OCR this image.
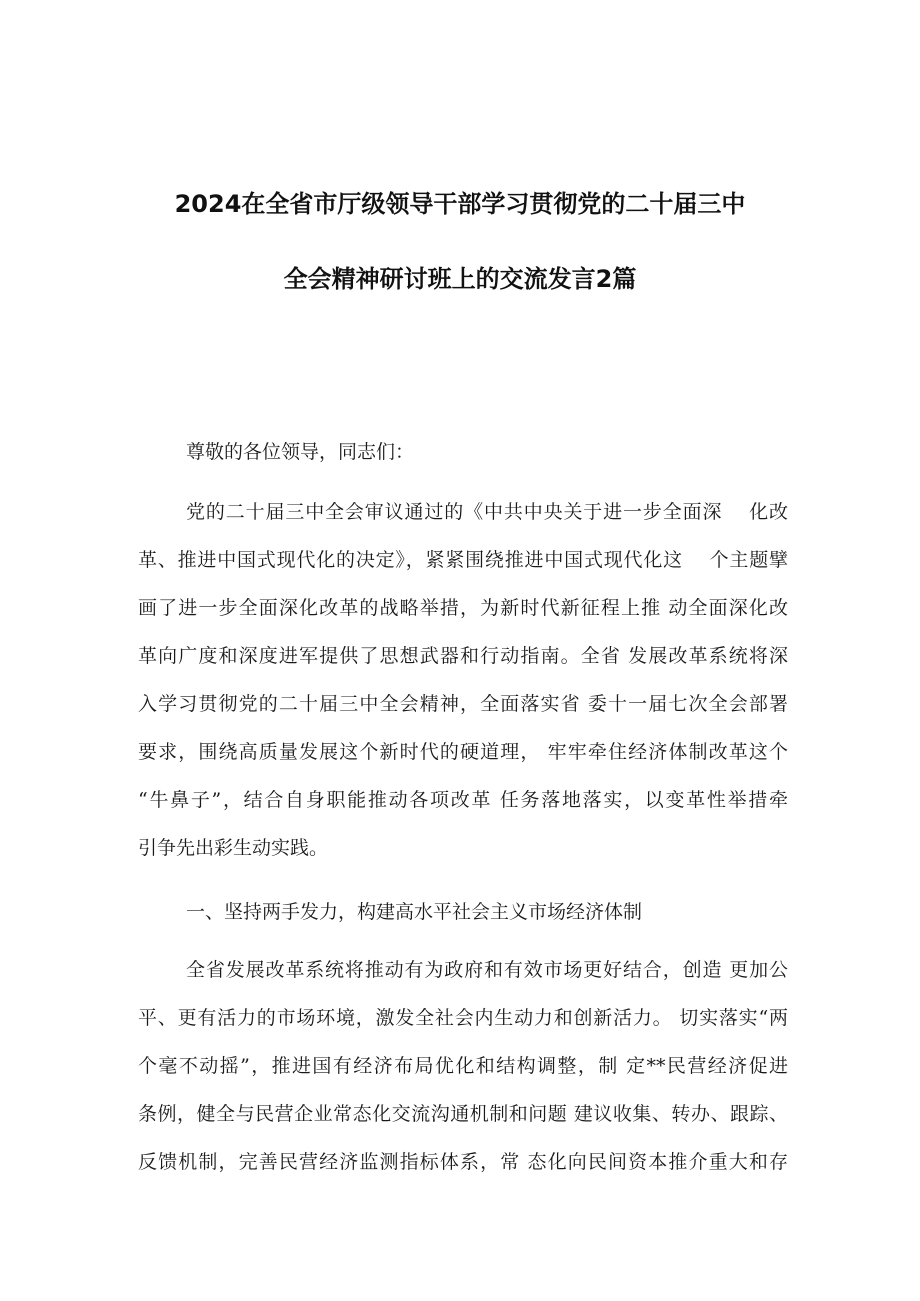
2024在全省市厅级领导干部学习贯彻党的二十届三中
全会精神研讨班上的交流发言2篇
尊敬的各位领导，同志们：
党的二十届三中全会审议通过的《中共中央关于进一步全面深 　化改
革、推进中国式现代化的决定》，紧紧围绕推进中国式现代化这 　个主题擘
画了进一步全面深化改革的战略举措，为新时代新征程上推 动全面深化改
革向广度和深度进军提供了思想武器和行动指南。全省 发展改革系统将深
入学习贯彻党的二十届三中全会精神，全面落实省 委十一届七次全会部署
要求，围绕高质量发展这个新时代的硬道理， 牢牢牵住经济体制改革这个
“牛鼻子”，结合自身职能推动各项改革 任务落地落实，以变革性举措牵
引争先出彩生动实践。
一、坚持两手发力，构建高水平社会主义市场经济体制
全省发展改革系统将推动有为政府和有效市场更好结合，创造 更加公
平、更有活力的市场环境，激发全社会内生动力和创新活力。 切实落实“两
个毫不动摇”，推进国有经济布局优化和结构调整，制 定**民营经济促进
条例，健全与民营企业常态化交流沟通机制和问题 建议收集、转办、跟踪、
反馈机制，完善民营经济监测指标体系，常 态化向民间资本推介重大和存
